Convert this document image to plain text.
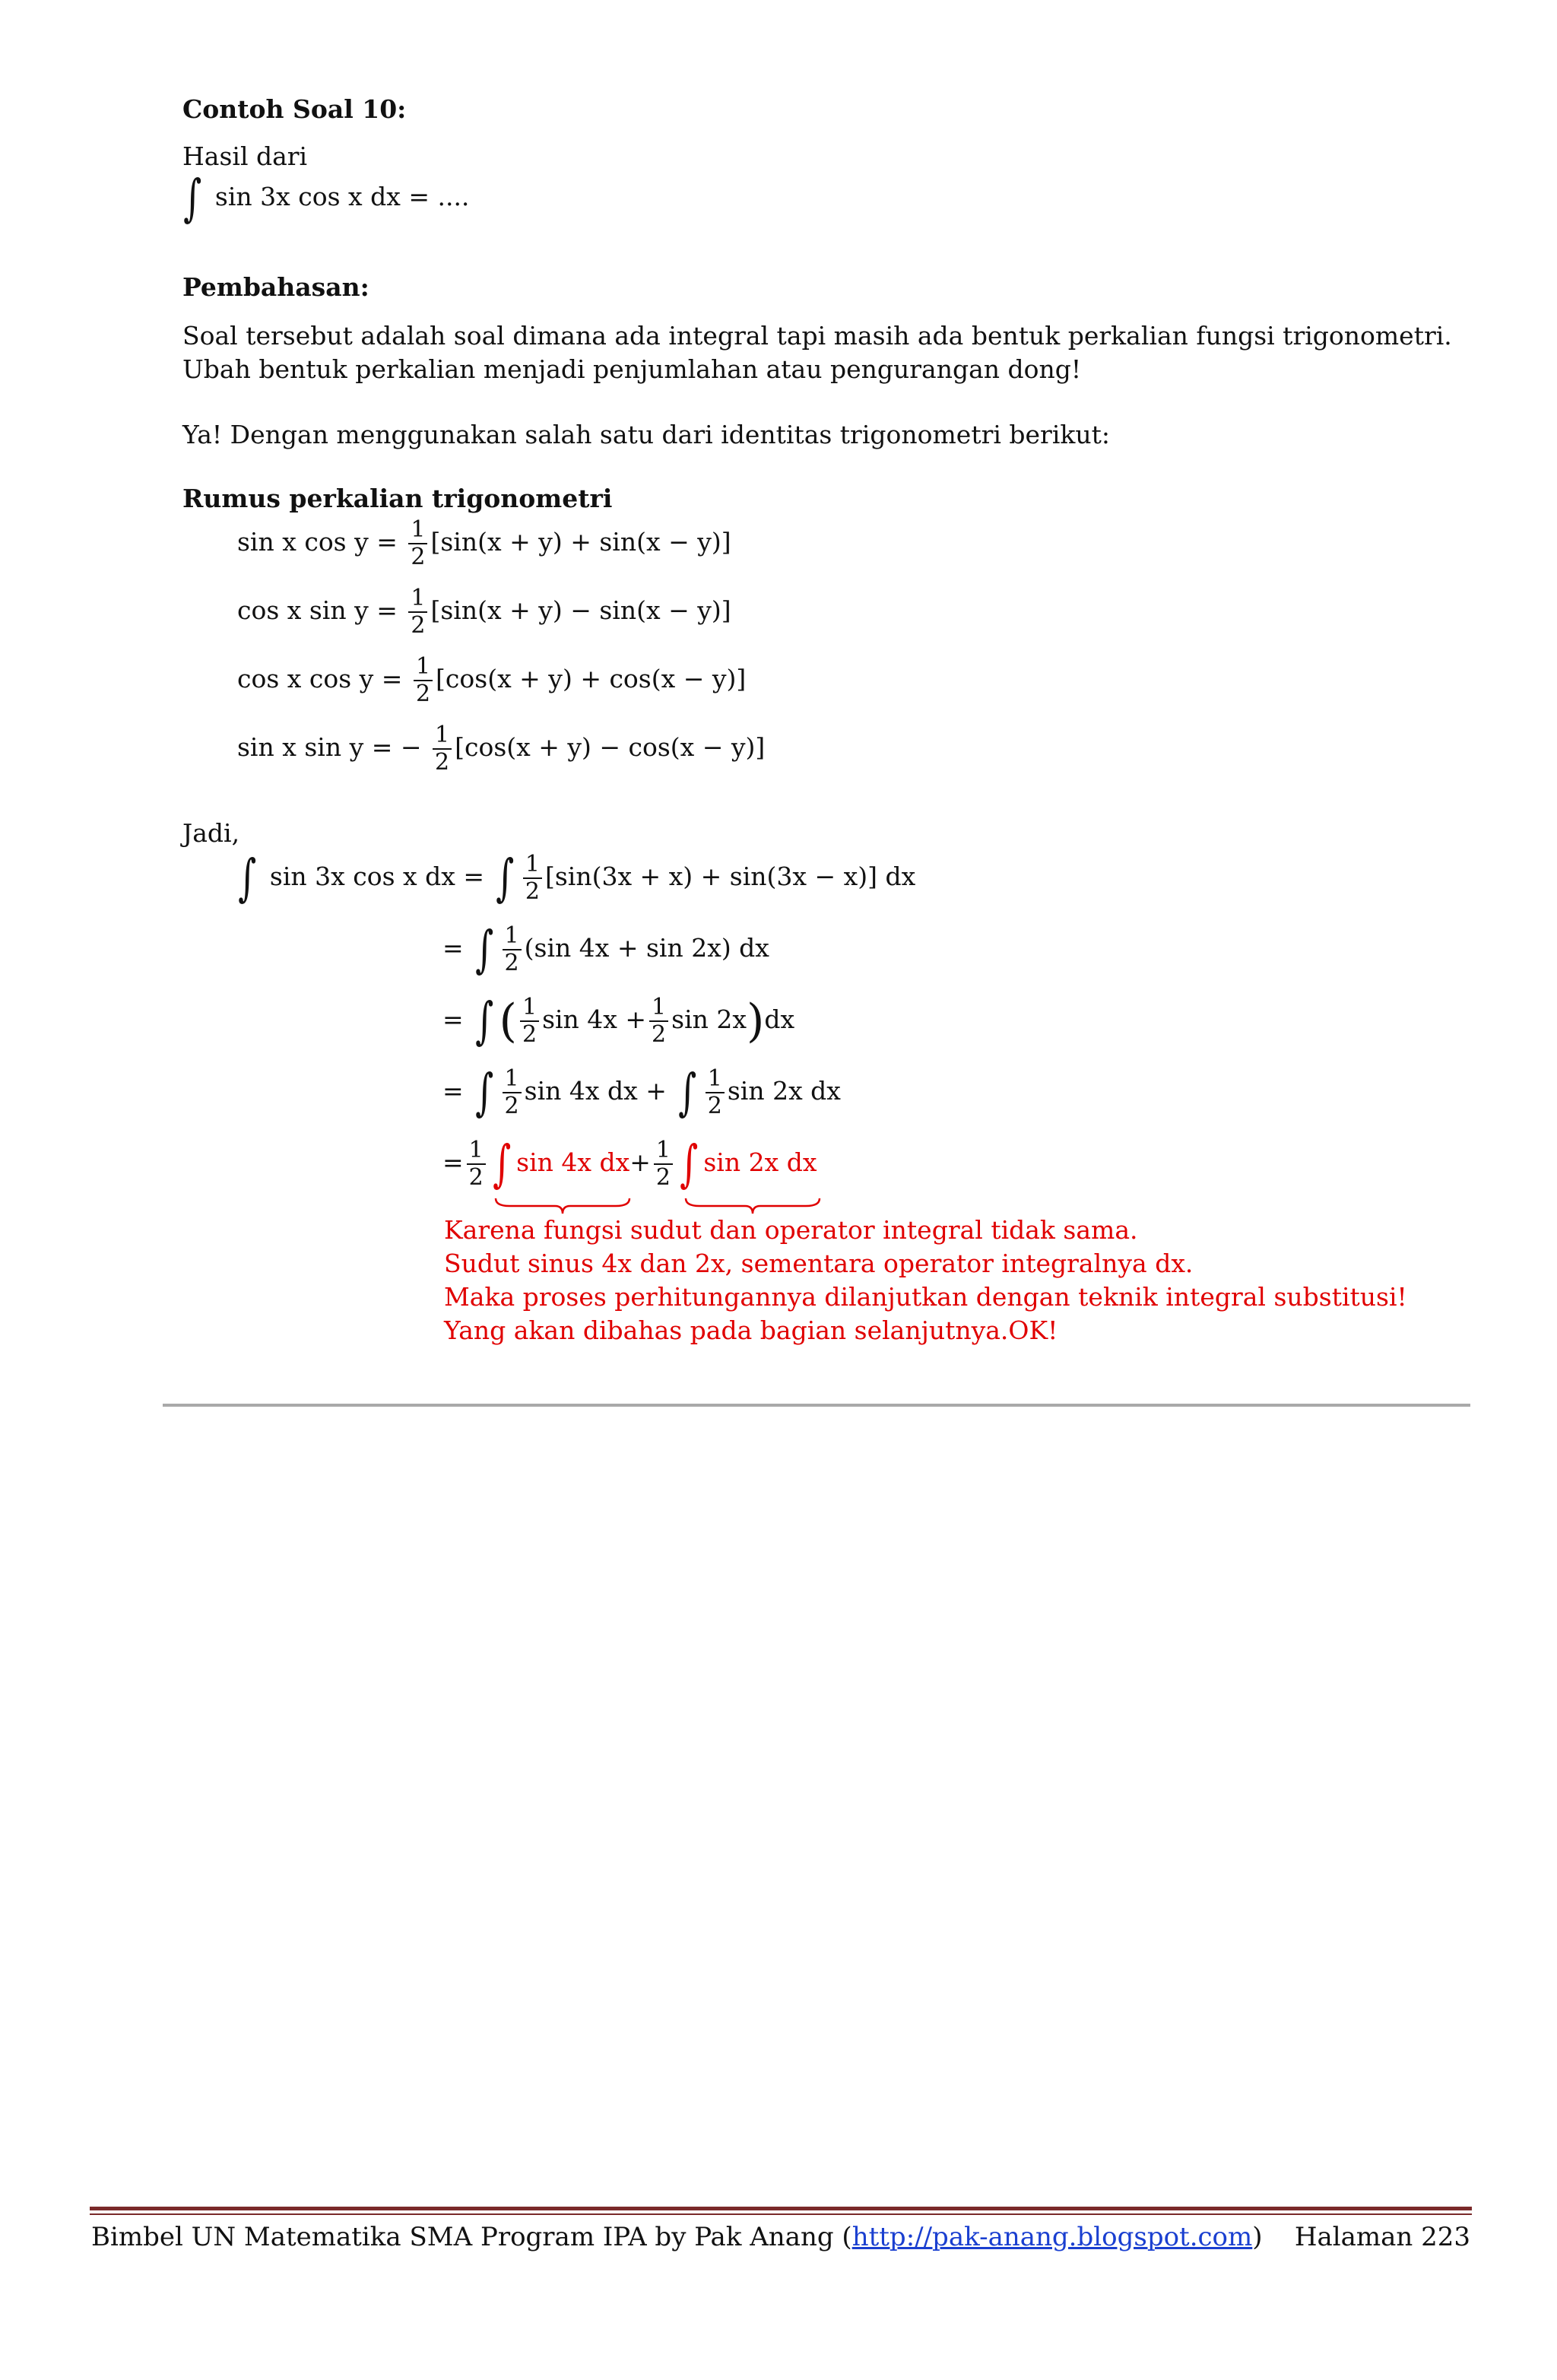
Contoh Soal 10:
Hasil dari
∫ sin 3x cos x dx = ....
Pembahasan:
Soal tersebut adalah soal dimana ada integral tapi masih ada bentuk perkalian fungsi trigonometri.
Ubah bentuk perkalian menjadi penjumlahan atau pengurangan dong!
Ya! Dengan menggunakan salah satu dari identitas trigonometri berikut:
Rumus perkalian trigonometri
sin x $\cos y = \frac{1}{2} [\sin(x + y) + \sin(x - y)]$
cos x $\sin y = \frac{1}{2} [\sin(x + y) - \sin(x - y)]$
cos x $\cos y = \frac{1}{2} [\cos(x + y) + \cos(x - y)]$
sin x sin y = − $\frac{1}{2} [\cos(x + y) - \cos(x - y)]$
Jadi,
∫ sin 3x cos x dx = ∫ $\frac{1}{2} [\sin(3x + x) + \sin(3x - x)]$ dx
= ∫ $\frac{1}{2} (\sin$ 4x + sin 2x) dx
= ∫ ( $\frac{1}{2}$ $\sin 4x + \frac{1}{2}$ sin 2x)dx
= ∫ $\frac{1}{2}$ sin 4x dx + ∫ $\frac{1}{2}$ sin 2x dx
= $\frac{1}{2}$ ∫ sin 4x $dx+ \frac{1}{2}$ ∫ sin 2x dx
Karena fungsi sudut dan operator integral tidak sama.
Sudut sinus 4x dan 2x, sementara operator integralnya dx.
Maka proses perhitungannya dilanjutkan dengan teknik integral substitusi!
Yang akan dibahas pada bagian selanjutnya.OK!
Bimbel UN Matematika SMA Program IPA by Pak Anang (http://pak-anang.blogspot.com) Halaman 223
